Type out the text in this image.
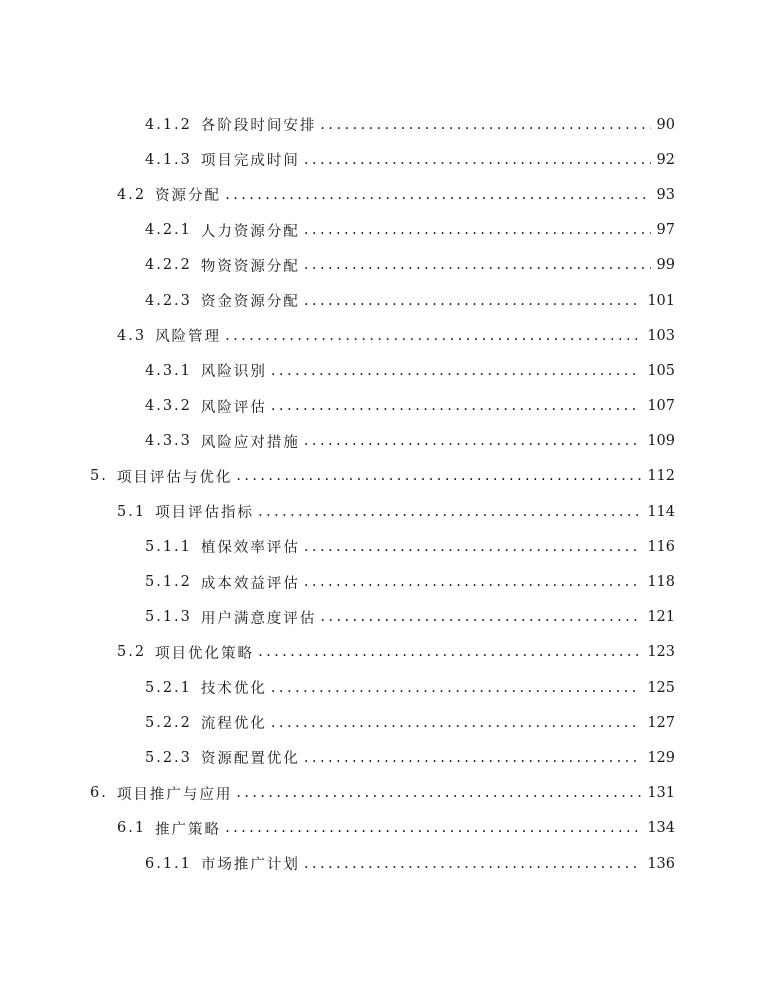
4.1.2 各阶段时间安排 . . .	90
4.1.3 项目完成时间 . . .	92
4.2 资源分配 . . .	93
4.2.1 人力资源分配 . . .	97
4.2.2 物资资源分配 . . .	99
4.2.3 资金资源分配 . . .	101
4.3 风险管理 . . .	103
4.3.1 风险识别 . . .	105
4.3.2 风险评估 . . .	107
4.3.3 风险应对措施 . . .	109
5. 项目评估与优化 . . .	112
5.1 项目评估指标 . . .	114
5.1.1 植保效率评估 . . .	116
5.1.2 成本效益评估 . . .	118
5.1.3 用户满意度评估 . . .	121
5.2 项目优化策略 . . .	123
5.2.1 技术优化 . . .	125
5.2.2 流程优化 . . .	127
5.2.3 资源配置优化 . . .	129
6. 项目推广与应用 . . .	131
6.1 推广策略 . . .	134
6.1.1 市场推广计划 . . .	136
